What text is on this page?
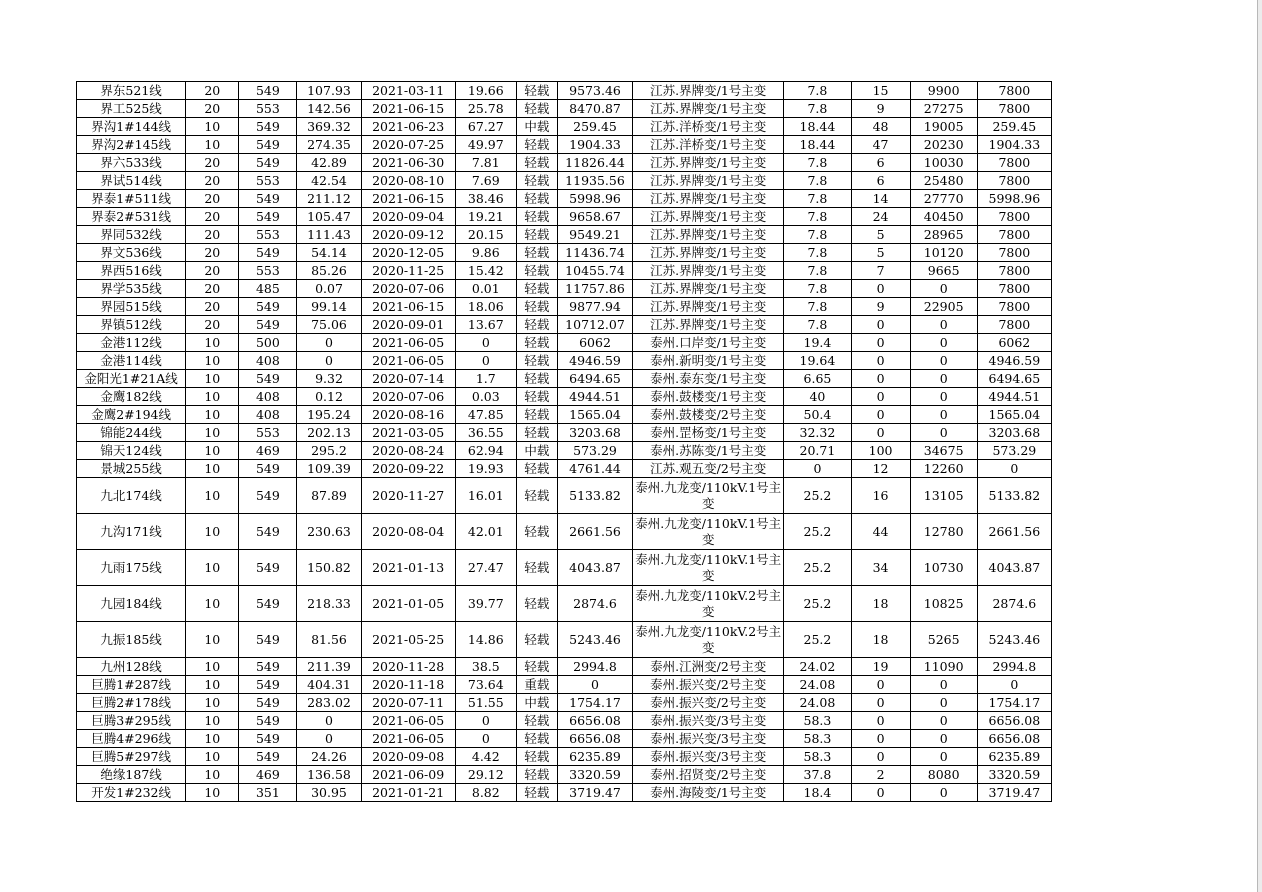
界东521线	20	549	107.93	2021-03-11	19.66	轻载	9573.46	江苏.界牌变/1号主变	7.8	15	9900	7800
界工525线	20	553	142.56	2021-06-15	25.78	轻载	8470.87	江苏.界牌变/1号主变	7.8	9	27275	7800
界沟1#144线	10	549	369.32	2021-06-23	67.27	中载	259.45	江苏.洋桥变/1号主变	18.44	48	19005	259.45
界沟2#145线	10	549	274.35	2020-07-25	49.97	轻载	1904.33	江苏.洋桥变/1号主变	18.44	47	20230	1904.33
界六533线	20	549	42.89	2021-06-30	7.81	轻载	11826.44	江苏.界牌变/1号主变	7.8	6	10030	7800
界试514线	20	553	42.54	2020-08-10	7.69	轻载	11935.56	江苏.界牌变/1号主变	7.8	6	25480	7800
界泰1#511线	20	549	211.12	2021-06-15	38.46	轻载	5998.96	江苏.界牌变/1号主变	7.8	14	27770	5998.96
界泰2#531线	20	549	105.47	2020-09-04	19.21	轻载	9658.67	江苏.界牌变/1号主变	7.8	24	40450	7800
界同532线	20	553	111.43	2020-09-12	20.15	轻载	9549.21	江苏.界牌变/1号主变	7.8	5	28965	7800
界文536线	20	549	54.14	2020-12-05	9.86	轻载	11436.74	江苏.界牌变/1号主变	7.8	5	10120	7800
界西516线	20	553	85.26	2020-11-25	15.42	轻载	10455.74	江苏.界牌变/1号主变	7.8	7	9665	7800
界学535线	20	485	0.07	2020-07-06	0.01	轻载	11757.86	江苏.界牌变/1号主变	7.8	0	0	7800
界园515线	20	549	99.14	2021-06-15	18.06	轻载	9877.94	江苏.界牌变/1号主变	7.8	9	22905	7800
界镇512线	20	549	75.06	2020-09-01	13.67	轻载	10712.07	江苏.界牌变/1号主变	7.8	0	0	7800
金港112线	10	500	0	2021-06-05	0	轻载	6062	泰州.口岸变/1号主变	19.4	0	0	6062
金港114线	10	408	0	2021-06-05	0	轻载	4946.59	泰州.新明变/1号主变	19.64	0	0	4946.59
金阳光1#21A线	10	549	9.32	2020-07-14	1.7	轻载	6494.65	泰州.泰东变/1号主变	6.65	0	0	6494.65
金鹰182线	10	408	0.12	2020-07-06	0.03	轻载	4944.51	泰州.鼓楼变/1号主变	40	0	0	4944.51
金鹰2#194线	10	408	195.24	2020-08-16	47.85	轻载	1565.04	泰州.鼓楼变/2号主变	50.4	0	0	1565.04
锦能244线	10	553	202.13	2021-03-05	36.55	轻载	3203.68	泰州.罡杨变/1号主变	32.32	0	0	3203.68
锦天124线	10	469	295.2	2020-08-24	62.94	中载	573.29	泰州.苏陈变/1号主变	20.71	100	34675	573.29
景城255线	10	549	109.39	2020-09-22	19.93	轻载	4761.44	江苏.观五变/2号主变	0	12	12260	0
九北174线	10	549	87.89	2020-11-27	16.01	轻载	5133.82	泰州.九龙变/110kV.1号主变	25.2	16	13105	5133.82
九沟171线	10	549	230.63	2020-08-04	42.01	轻载	2661.56	泰州.九龙变/110kV.1号主变	25.2	44	12780	2661.56
九雨175线	10	549	150.82	2021-01-13	27.47	轻载	4043.87	泰州.九龙变/110kV.1号主变	25.2	34	10730	4043.87
九园184线	10	549	218.33	2021-01-05	39.77	轻载	2874.6	泰州.九龙变/110kV.2号主变	25.2	18	10825	2874.6
九振185线	10	549	81.56	2021-05-25	14.86	轻载	5243.46	泰州.九龙变/110kV.2号主变	25.2	18	5265	5243.46
九州128线	10	549	211.39	2020-11-28	38.5	轻载	2994.8	泰州.江洲变/2号主变	24.02	19	11090	2994.8
巨腾1#287线	10	549	404.31	2020-11-18	73.64	重载	0	泰州.振兴变/2号主变	24.08	0	0	0
巨腾2#178线	10	549	283.02	2020-07-11	51.55	中载	1754.17	泰州.振兴变/2号主变	24.08	0	0	1754.17
巨腾3#295线	10	549	0	2021-06-05	0	轻载	6656.08	泰州.振兴变/3号主变	58.3	0	0	6656.08
巨腾4#296线	10	549	0	2021-06-05	0	轻载	6656.08	泰州.振兴变/3号主变	58.3	0	0	6656.08
巨腾5#297线	10	549	24.26	2020-09-08	4.42	轻载	6235.89	泰州.振兴变/3号主变	58.3	0	0	6235.89
绝缘187线	10	469	136.58	2021-06-09	29.12	轻载	3320.59	泰州.招贤变/2号主变	37.8	2	8080	3320.59
开发1#232线	10	351	30.95	2021-01-21	8.82	轻载	3719.47	泰州.海陵变/1号主变	18.4	0	0	3719.47
